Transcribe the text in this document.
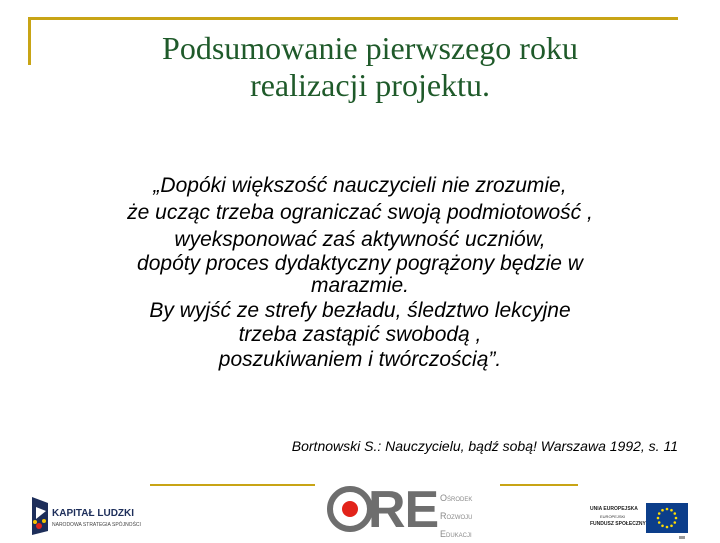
Podsumowanie pierwszego roku
realizacji projektu.
„Dopóki większość nauczycieli nie zrozumie,
że ucząc trzeba ograniczać swoją podmiotowość ,
wyeksponować zaś aktywność uczniów,
dopóty proces dydaktyczny pogrążony będzie w
marazmie.
By wyjść ze strefy bezładu, śledztwo lekcyjne
trzeba zastąpić swobodą ,
poszukiwaniem i twórczością”.
Bortnowski S.: Nauczycielu, bądź sobą! Warszawa 1992, s. 11
KAPITAŁ LUDZKI
NARODOWA STRATEGIA SPÓJNOŚCI	RE Ośrodek
Rozwoju
Edukacji
UNIA EUROPEJSKA
EUROPEJSKI
FUNDUSZ SPOŁECZNY
